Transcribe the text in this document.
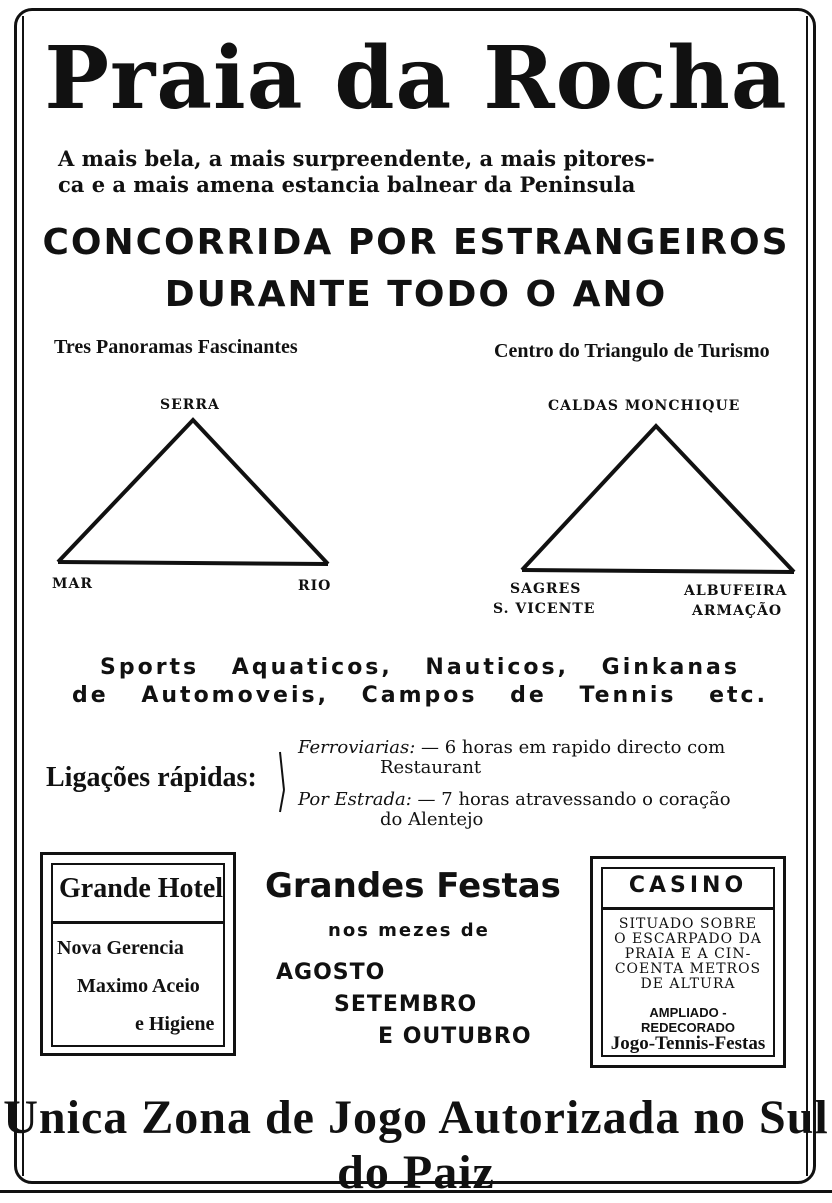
Praia da Rocha
A mais bela, a mais surpreendente, a mais pitores-
ca e a mais amena estancia balnear da Peninsula
CONCORRIDA POR ESTRANGEIROS
DURANTE TODO O ANO
Tres Panoramas Fascinantes
SERRA
MAR	RIO
Centro do Triangulo de Turismo
CALDAS MONCHIQUE
SAGRES
S. VICENTE
ALBUFEIRA
ARMAÇÃO
Sports Aquaticos, Nauticos, Ginkanas
de Automoveis, Campos de Tennis etc.
Ligações rápidas:
Ferroviarias: — 6 horas em rapido directo com
Restaurant
Por Estrada: — 7 horas atravessando o coração
do Alentejo
Grande Hotel
Nova Gerencia
Maximo Aceio
e Higiene
Grandes Festas
nos mezes de
AGOSTO
SETEMBRO
E OUTUBRO
CASINO
SITUADO SOBRE
O ESCARPADO DA
PRAIA E A CIN-
COENTA METROS
DE ALTURA
AMPLIADO - REDECORADO
Jogo-Tennis-Festas
Unica Zona de Jogo Autorizada no Sul do Paiz
